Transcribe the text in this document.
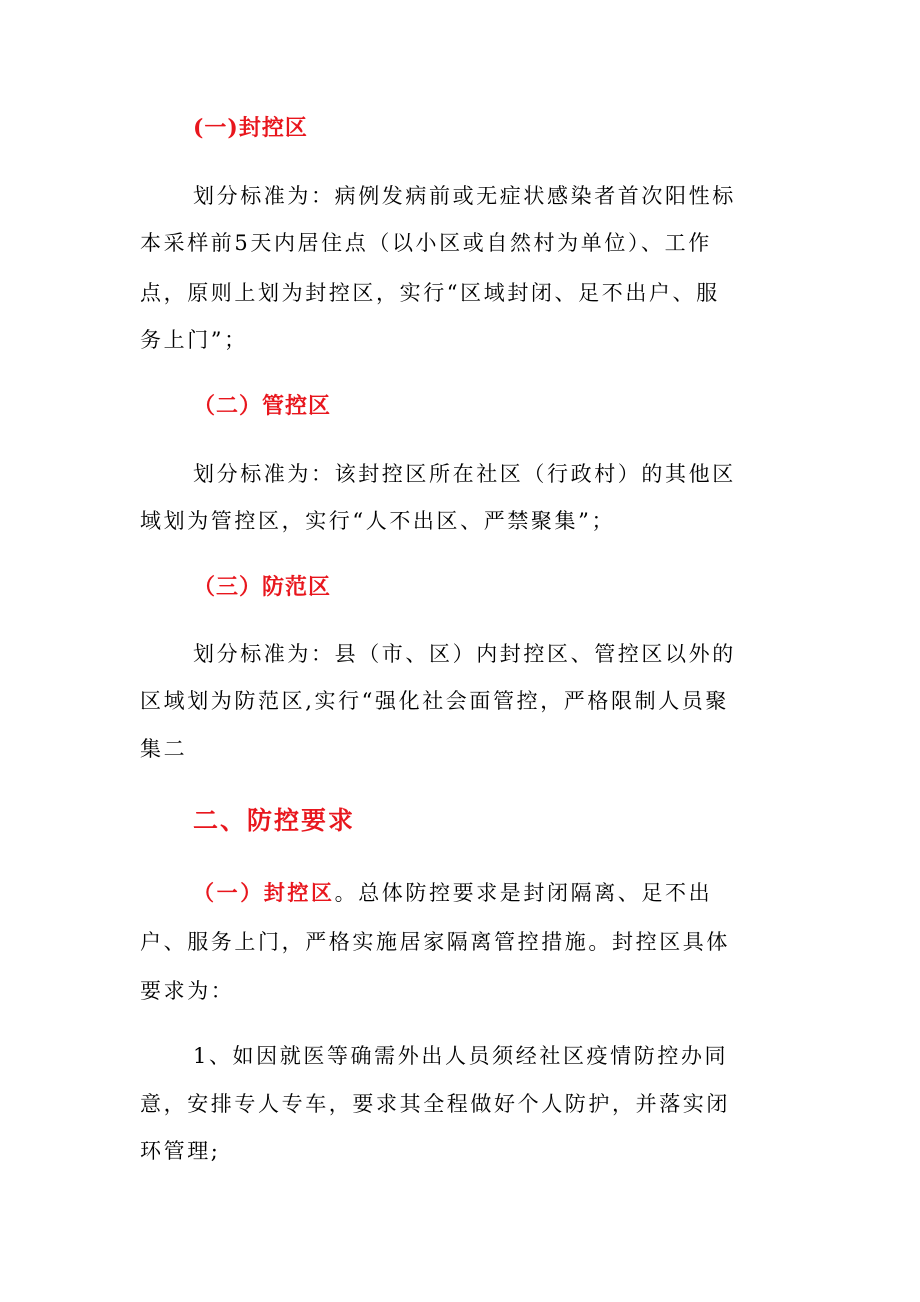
(一)封控区
划分标准为：病例发病前或无症状感染者首次阳性标
本采样前5天内居住点（以小区或自然村为单位）、工作
点，原则上划为封控区，实行“区域封闭、足不出户、服
务上门”；
（二）管控区
划分标准为：该封控区所在社区（行政村）的其他区
域划为管控区，实行“人不出区、严禁聚集”；
（三）防范区
划分标准为：县（市、区）内封控区、管控区以外的
区域划为防范区,实行“强化社会面管控，严格限制人员聚
集二
二、防控要求
（一）封控区。总体防控要求是封闭隔离、足不出
户、服务上门，严格实施居家隔离管控措施。封控区具体
要求为：
1、如因就医等确需外出人员须经社区疫情防控办同
意，安排专人专车，要求其全程做好个人防护，并落实闭
环管理;
